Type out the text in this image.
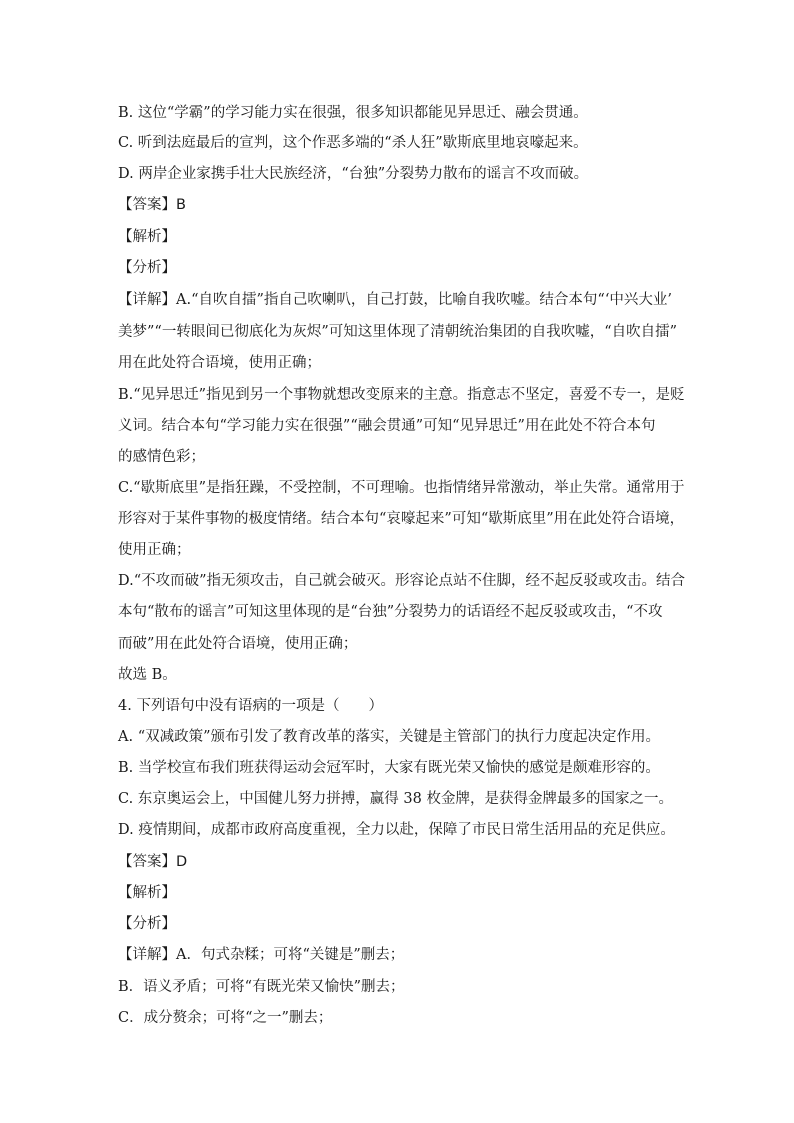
B. 这位“学霸”的学习能力实在很强，很多知识都能见异思迁、融会贯通。
C. 听到法庭最后的宣判，这个作恶多端的“杀人狂”歇斯底里地哀嚎起来。
D. 两岸企业家携手壮大民族经济，“台独”分裂势力散布的谣言不攻而破。
【答案】B
【解析】
【分析】
【详解】A.“自吹自擂”指自己吹喇叭，自己打鼓，比喻自我吹嘘。结合本句“‘中兴大业’
美梦”“一转眼间已彻底化为灰烬”可知这里体现了清朝统治集团的自我吹嘘，“自吹自擂”
用在此处符合语境，使用正确；
B.“见异思迁”指见到另一个事物就想改变原来的主意。指意志不坚定，喜爱不专一，是贬
义词。结合本句“学习能力实在很强”“融会贯通”可知“见异思迁”用在此处不符合本句
的感情色彩；
C.“歇斯底里”是指狂躁，不受控制，不可理喻。也指情绪异常激动，举止失常。通常用于
形容对于某件事物的极度情绪。结合本句“哀嚎起来”可知“歇斯底里”用在此处符合语境，
使用正确；
D.“不攻而破”指无须攻击，自己就会破灭。形容论点站不住脚，经不起反驳或攻击。结合
本句“散布的谣言”可知这里体现的是“台独”分裂势力的话语经不起反驳或攻击，“不攻
而破”用在此处符合语境，使用正确；
故选 B。
4. 下列语句中没有语病的一项是（　　）
A. “双减政策”颁布引发了教育改革的落实，关键是主管部门的执行力度起决定作用。
B. 当学校宣布我们班获得运动会冠军时，大家有既光荣又愉快的感觉是颇难形容的。
C. 东京奥运会上，中国健儿努力拼搏，赢得 38 枚金牌，是获得金牌最多的国家之一。
D. 疫情期间，成都市政府高度重视，全力以赴，保障了市民日常生活用品的充足供应。
【答案】D
【解析】
【分析】
【详解】A．句式杂糅；可将“关键是”删去；
B．语义矛盾；可将“有既光荣又愉快”删去；
C．成分赘余；可将“之一”删去；
